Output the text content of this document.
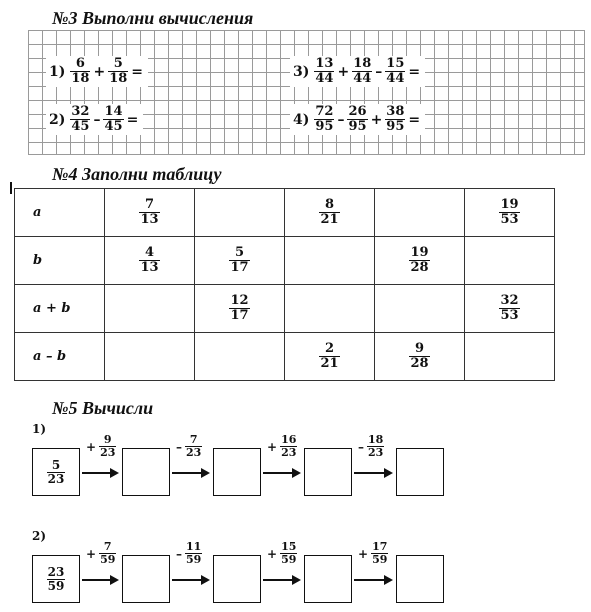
№3 Выполни вычисления
$1) \frac{6}{18} + \frac{5}{18}$ =
$2) \frac{32}{45} - \frac{14}{45}$ =
$3) \frac{13}{44} + \frac{18}{44} - \frac{15}{44}$ =
$4) \frac{72}{95} - \frac{26}{95} + \frac{38}{95}$ =
№4 Заполни таблицу
a	$\frac{7}{13}$		$\frac{8}{21}$		$\frac{19}{53}$

b	$\frac{4}{13}$	$\frac{5}{17}$		$\frac{19}{28}$

a + b		$\frac{12}{17}$			$\frac{32}{53}$

a – b			$\frac{2}{21}$	$\frac{9}{28}$

№5 Вычисли
1)
$\frac{5}{23}$
+ $\frac{9}{23}$	– $\frac{7}{23}$	+ $\frac{16}{23}$	– $\frac{18}{23}$
2)
$\frac{23}{59}$
+ $\frac{7}{59}$	– $\frac{11}{59}$	+ $\frac{15}{59}$	+ $\frac{17}{59}$
